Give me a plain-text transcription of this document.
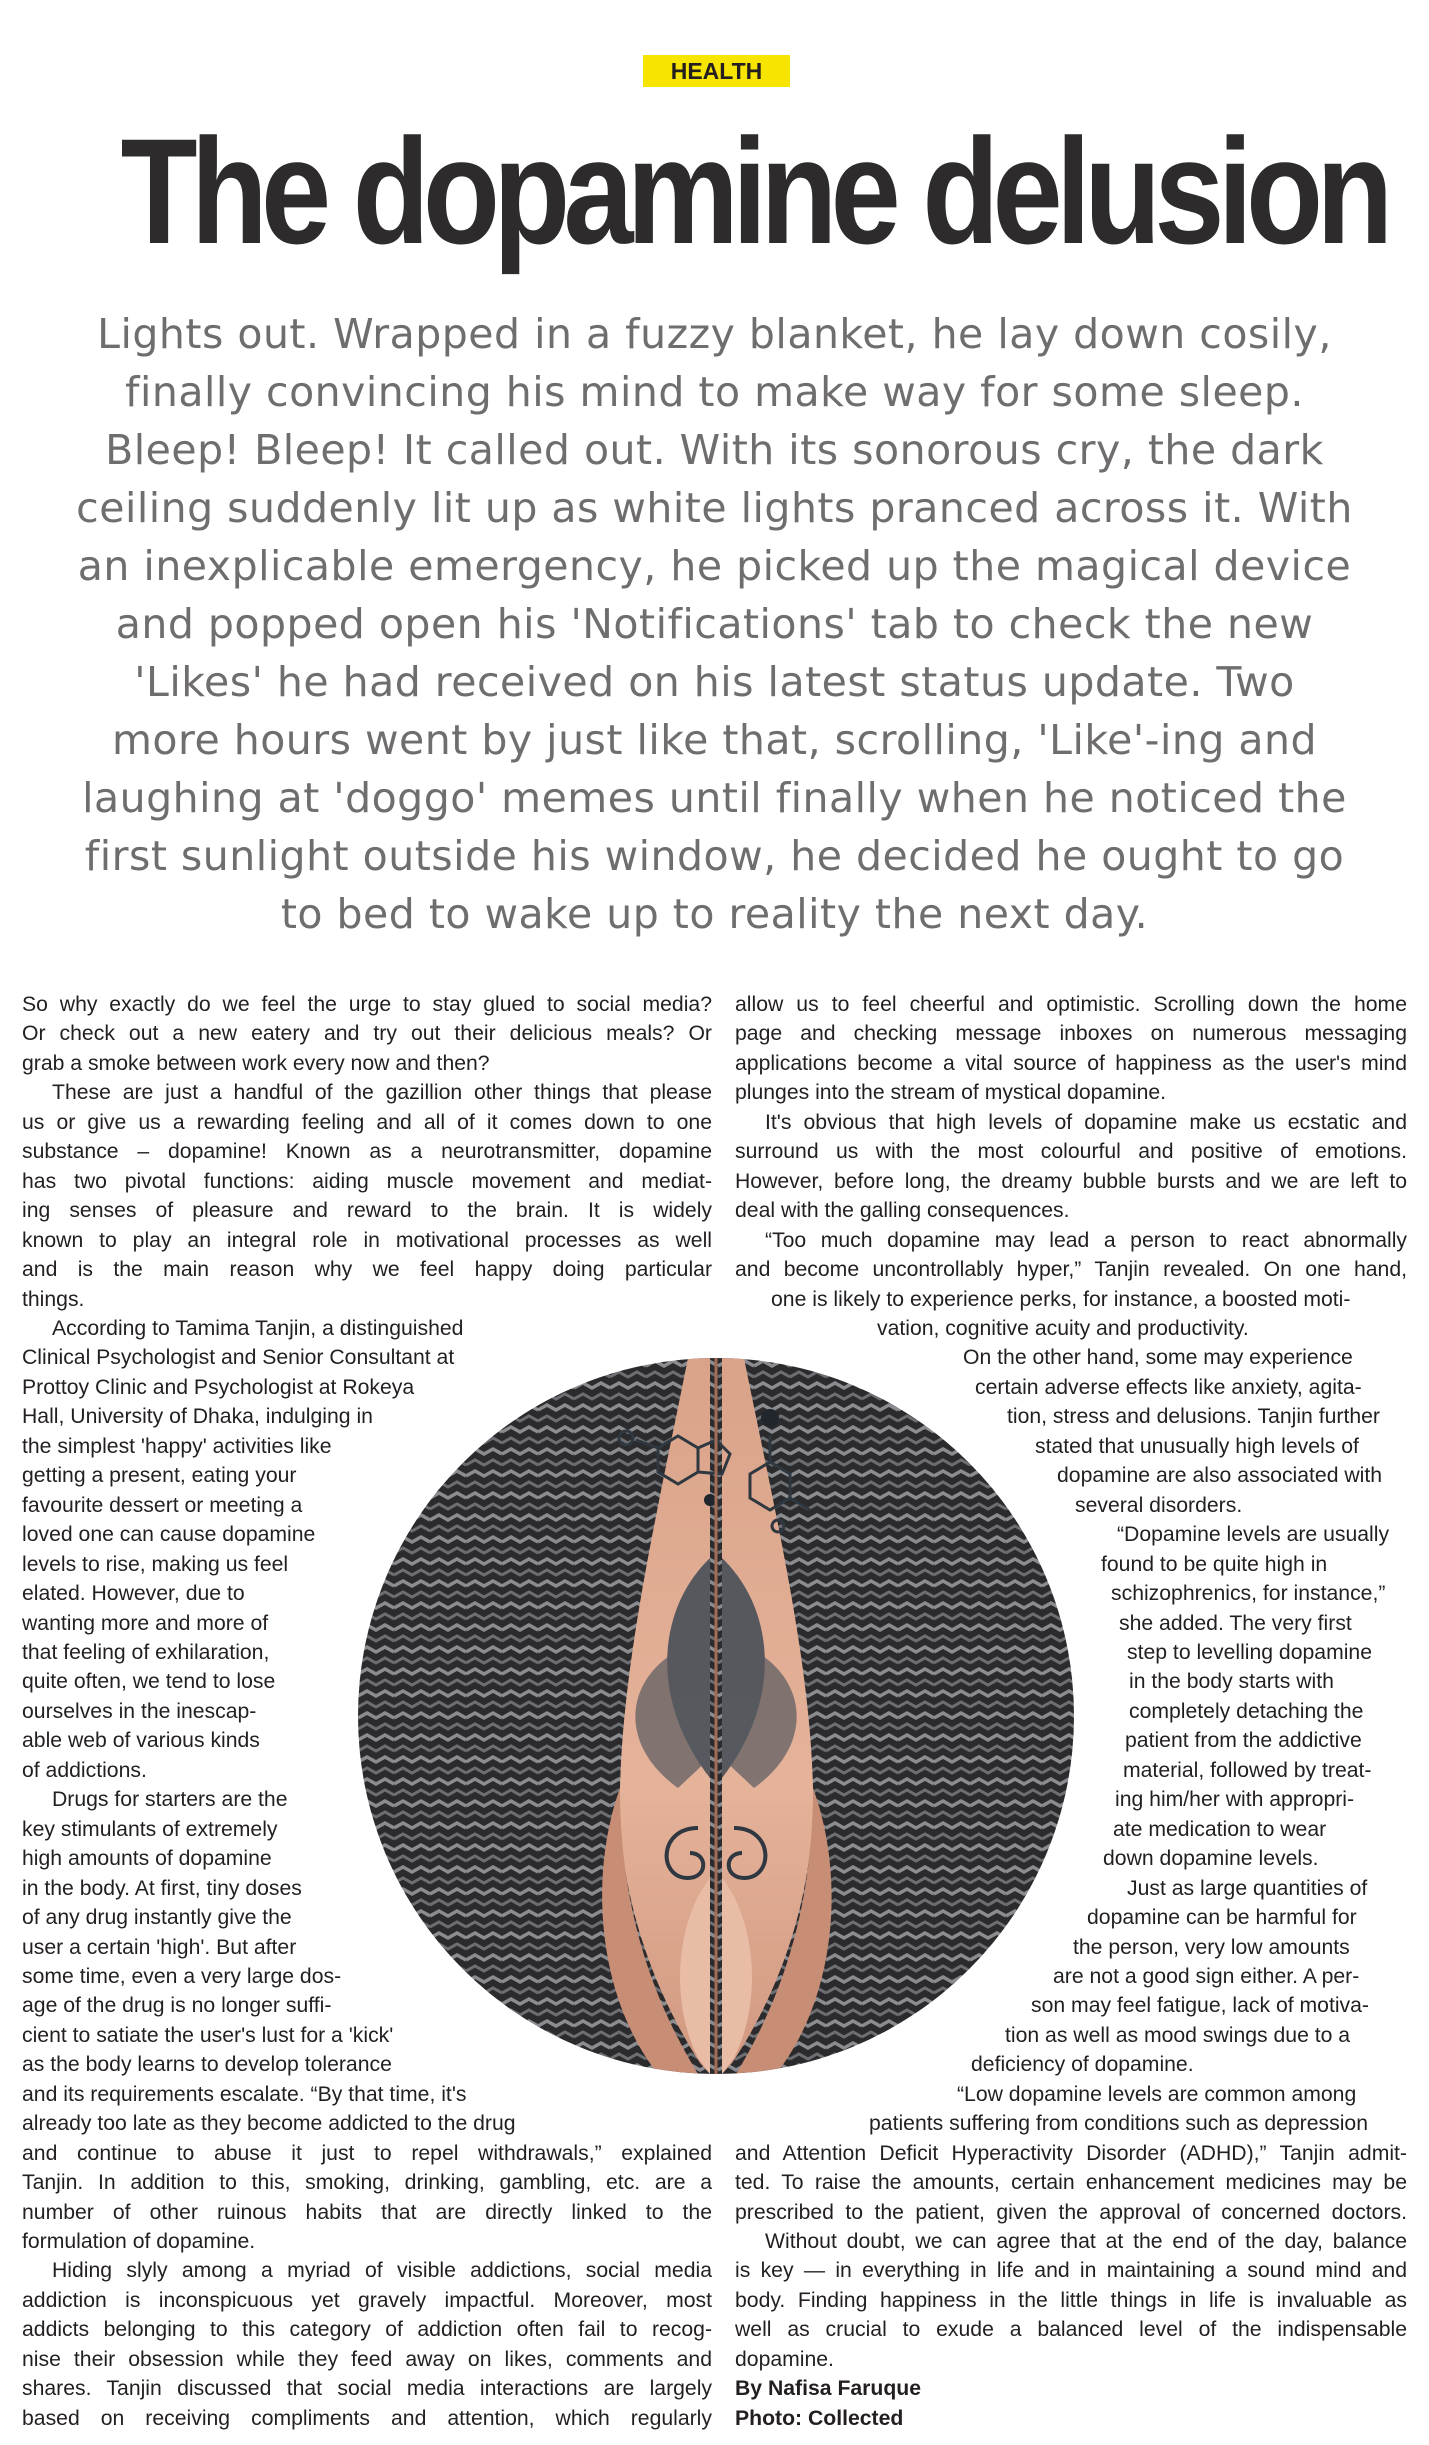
HEALTH
The dopamine delusion
Lights out. Wrapped in a fuzzy blanket, he lay down cosily,
finally convincing his mind to make way for some sleep.
Bleep! Bleep! It called out. With its sonorous cry, the dark
ceiling suddenly lit up as white lights pranced across it. With
an inexplicable emergency, he picked up the magical device
and popped open his 'Notifications' tab to check the new
'Likes' he had received on his latest status update. Two
more hours went by just like that, scrolling, 'Like'-ing and
laughing at 'doggo' memes until finally when he noticed the
first sunlight outside his window, he decided he ought to go
to bed to wake up to reality the next day.
So why exactly do we feel the urge to stay glued to social media?
Or check out a new eatery and try out their delicious meals? Or
grab a smoke between work every now and then?
These are just a handful of the gazillion other things that please
us or give us a rewarding feeling and all of it comes down to one
substance – dopamine! Known as a neurotransmitter, dopamine
has two pivotal functions: aiding muscle movement and mediat-
ing senses of pleasure and reward to the brain. It is widely
known to play an integral role in motivational processes as well
and is the main reason why we feel happy doing particular
things.
According to Tamima Tanjin, a distinguished
Clinical Psychologist and Senior Consultant at
Prottoy Clinic and Psychologist at Rokeya
Hall, University of Dhaka, indulging in
the simplest 'happy' activities like
getting a present, eating your
favourite dessert or meeting a
loved one can cause dopamine
levels to rise, making us feel
elated. However, due to
wanting more and more of
that feeling of exhilaration,
quite often, we tend to lose
ourselves in the inescap-
able web of various kinds
of addictions.
Drugs for starters are the
key stimulants of extremely
high amounts of dopamine
in the body. At first, tiny doses
of any drug instantly give the
user a certain 'high'. But after
some time, even a very large dos-
age of the drug is no longer suffi-
cient to satiate the user's lust for a 'kick'
as the body learns to develop tolerance
and its requirements escalate. “By that time, it's
already too late as they become addicted to the drug
and continue to abuse it just to repel withdrawals,” explained
Tanjin. In addition to this, smoking, drinking, gambling, etc. are a
number of other ruinous habits that are directly linked to the
formulation of dopamine.
Hiding slyly among a myriad of visible addictions, social media
addiction is inconspicuous yet gravely impactful. Moreover, most
addicts belonging to this category of addiction often fail to recog-
nise their obsession while they feed away on likes, comments and
shares. Tanjin discussed that social media interactions are largely
based on receiving compliments and attention, which regularly
allow us to feel cheerful and optimistic. Scrolling down the home
page and checking message inboxes on numerous messaging
applications become a vital source of happiness as the user's mind
plunges into the stream of mystical dopamine.
It's obvious that high levels of dopamine make us ecstatic and
surround us with the most colourful and positive of emotions.
However, before long, the dreamy bubble bursts and we are left to
deal with the galling consequences.
“Too much dopamine may lead a person to react abnormally
and become uncontrollably hyper,” Tanjin revealed. On one hand,
one is likely to experience perks, for instance, a boosted moti-
vation, cognitive acuity and productivity.
On the other hand, some may experience
certain adverse effects like anxiety, agita-
tion, stress and delusions. Tanjin further
stated that unusually high levels of
dopamine are also associated with
several disorders.
“Dopamine levels are usually
found to be quite high in
schizophrenics, for instance,”
she added. The very first
step to levelling dopamine
in the body starts with
completely detaching the
patient from the addictive
material, followed by treat-
ing him/her with appropri-
ate medication to wear
down dopamine levels.
Just as large quantities of
dopamine can be harmful for
the person, very low amounts
are not a good sign either. A per-
son may feel fatigue, lack of motiva-
tion as well as mood swings due to a
deficiency of dopamine.
“Low dopamine levels are common among
patients suffering from conditions such as depression
and Attention Deficit Hyperactivity Disorder (ADHD),” Tanjin admit-
ted. To raise the amounts, certain enhancement medicines may be
prescribed to the patient, given the approval of concerned doctors.
Without doubt, we can agree that at the end of the day, balance
is key — in everything in life and in maintaining a sound mind and
body. Finding happiness in the little things in life is invaluable as
well as crucial to exude a balanced level of the indispensable
dopamine.
By Nafisa Faruque
Photo: Collected
